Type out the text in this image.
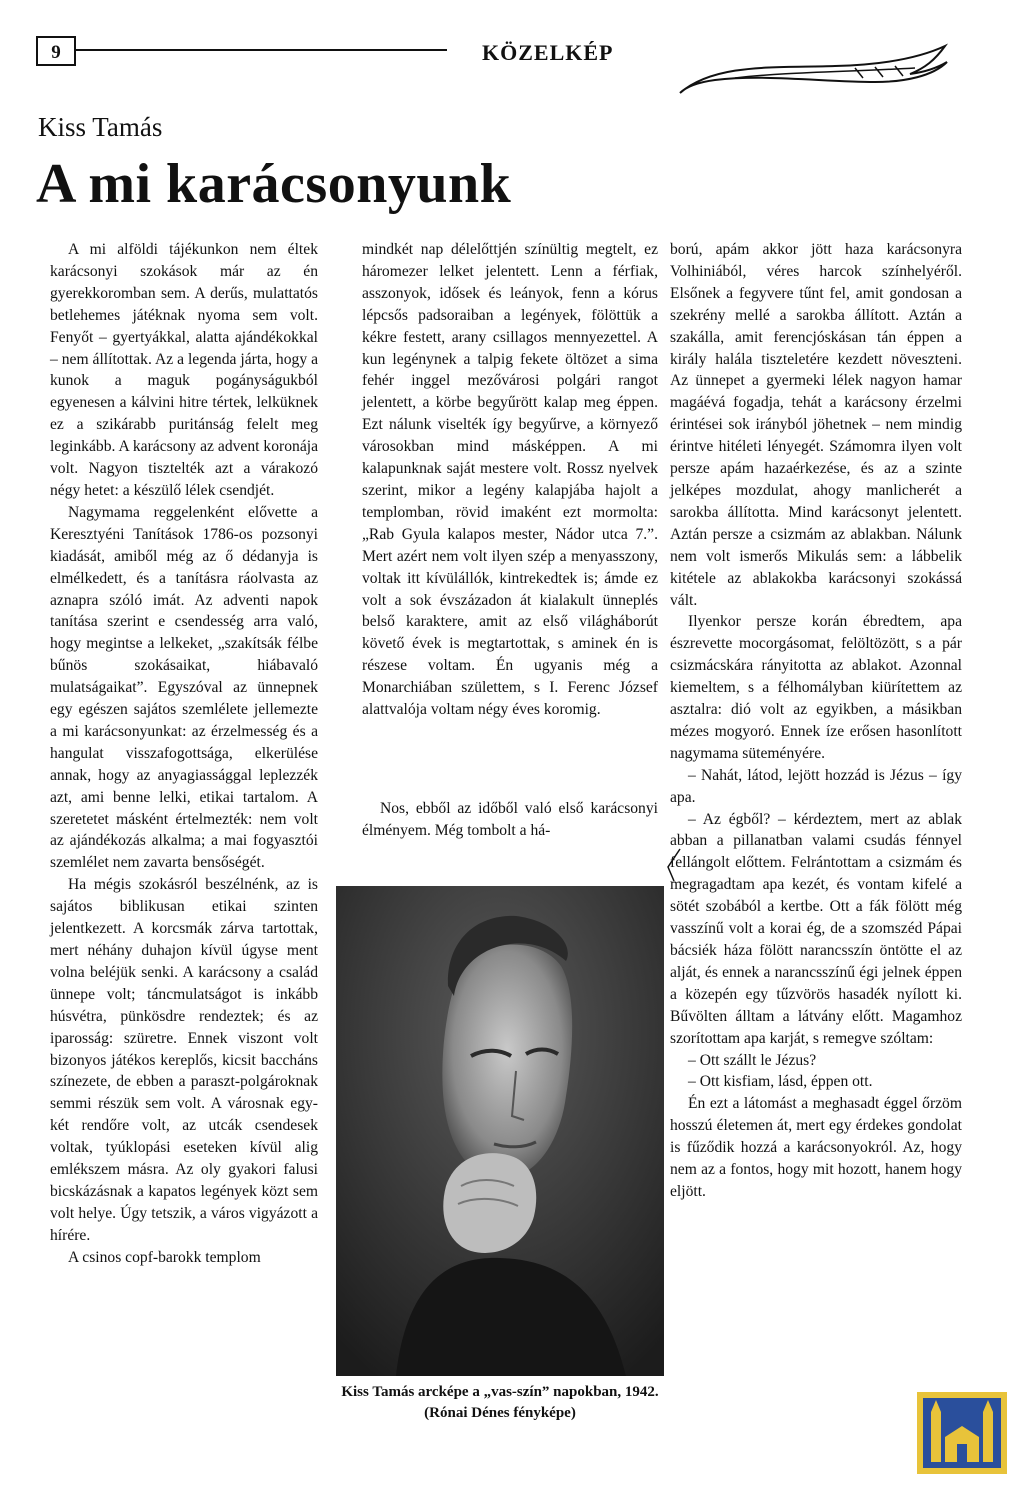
9	KÖZELKÉP
Kiss Tamás
A mi karácsonyunk

A mi alföldi tájékunkon nem éltek karácsonyi szokások már az én gyerekkoromban sem. A derűs, mulattatós betlehemes játéknak nyoma sem volt. Fenyőt – gyertyákkal, alatta ajándékokkal – nem állítottak. Az a legenda járta, hogy a kunok a maguk pogányságukból egyenesen a kálvini hitre tértek, lelküknek ez a szikárabb puritánság felelt meg leginkább. A karácsony az advent koronája volt. Nagyon tisztelték azt a várakozó négy hetet: a készülő lélek csendjét.

Nagymama reggelenként elővette a Keresztyéni Tanítások 1786-os pozsonyi kiadását, amiből még az ő dédanyja is elmélkedett, és a tanításra ráolvasta az aznapra szóló imát. Az adventi napok tanítása szerint e csendesség arra való, hogy megintse a lelkeket, „szakítsák félbe bűnös szokásaikat, hiábavaló mulatságaikat”. Egyszóval az ünnepnek egy egészen sajátos szemlélete jellemezte a mi karácsonyunkat: az érzelmesség és a hangulat visszafogottsága, elkerülése annak, hogy az anyagiassággal leplezzék azt, ami benne lelki, etikai tartalom. A szeretetet másként értelmezték: nem volt az ajándékozás alkalma; a mai fogyasztói szemlélet nem zavarta bensőségét.

Ha mégis szokásról beszélnénk, az is sajátos biblikusan etikai szinten jelentkezett. A korcsmák zárva tartottak, mert néhány duhajon kívül úgyse ment volna beléjük senki. A karácsony a család ünnepe volt; táncmulatságot is inkább húsvétra, pünkösdre rendeztek; és az iparosság: szüretre. Ennek viszont volt bizonyos játékos kereplős, kicsit baccháns színezete, de ebben a paraszt-polgároknak semmi részük sem volt. A városnak egy-két rendőre volt, az utcák csendesek voltak, tyúklopási eseteken kívül alig emlékszem másra. Az oly gyakori falusi bicskázásnak a kapatos legények közt sem volt helye. Úgy tetszik, a város vigyázott a hírére.

A csinos copf-barokk templom

mindkét nap délelőttjén színültig megtelt, ez háromezer lelket jelentett. Lenn a férfiak, asszonyok, idősek és leányok, fenn a kórus lépcsős padsoraiban a legények, fölöttük a kékre festett, arany csillagos mennyezettel. A kun legénynek a talpig fekete öltözet a sima fehér inggel mezővárosi polgári rangot jelentett, a körbe begyűrött kalap meg éppen. Ezt nálunk viselték így begyűrve, a környező városokban mind másképpen. A mi kalapunknak saját mestere volt. Rossz nyelvek szerint, mikor a legény kalapjába hajolt a templomban, rövid imaként ezt mormolta: „Rab Gyula kalapos mester, Nádor utca 7.”. Mert azért nem volt ilyen szép a menyasszony, voltak itt kívülállók, kintrekedtek is; ámde ez volt a sok évszázadon át kialakult ünneplés belső karaktere, amit az első világháborút követő évek is megtartottak, s aminek én is részese voltam. Én ugyanis még a Monarchiában születtem, s I. Ferenc József alattvalója voltam négy éves koromig.

Nos, ebből az időből való első karácsonyi élményem. Még tombolt a há-

ború, apám akkor jött haza karácsonyra Volhiniából, véres harcok színhelyéről. Elsőnek a fegyvere tűnt fel, amit gondosan a szekrény mellé a sarokba állított. Aztán a szakálla, amit ferencjóskásan tán éppen a király halála tiszteletére kezdett növeszteni. Az ünnepet a gyermeki lélek nagyon hamar magáévá fogadja, tehát a karácsony érzelmi érintései sok irányból jöhetnek – nem mindig érintve hitéleti lényegét. Számomra ilyen volt persze apám hazaérkezése, és az a szinte jelképes mozdulat, ahogy manlicherét a sarokba állította. Mind karácsonyt jelentett. Aztán persze a csizmám az ablakban. Nálunk nem volt ismerős Mikulás sem: a lábbelik kitétele az ablakokba karácsonyi szokássá vált.

Ilyenkor persze korán ébredtem, apa észrevette mocorgásomat, felöltözött, s a pár csizmácskára rányitotta az ablakot. Azonnal kiemeltem, s a félhomályban kiürítettem az asztalra: dió volt az egyikben, a másikban mézes mogyoró. Ennek íze erősen hasonlított nagymama süteményére.

– Nahát, látod, lejött hozzád is Jézus – így apa.

– Az égből? – kérdeztem, mert az ablak abban a pillanatban valami csudás fénnyel fellángolt előttem. Felrántottam a csizmám és megragadtam apa kezét, és vontam kifelé a sötét szobából a kertbe. Ott a fák fölött még vasszínű volt a korai ég, de a szomszéd Pápai bácsiék háza fölött narancsszín öntötte el az alját, és ennek a narancsszínű égi jelnek éppen a közepén egy tűzvörös hasadék nyílott ki. Bűvölten álltam a látvány előtt. Magamhoz szorítottam apa karját, s remegve szóltam:

– Ott szállt le Jézus?

– Ott kisfiam, lásd, éppen ott.

Én ezt a látomást a meghasadt éggel őrzöm hosszú életemen át, mert egy érdekes gondolat is fűződik hozzá a karácsonyokról. Az, hogy nem az a fontos, hogy mit hozott, hanem hogy eljött.

Kiss Tamás arcképe a „vas-szín” napokban, 1942. (Rónai Dénes fényképe)
